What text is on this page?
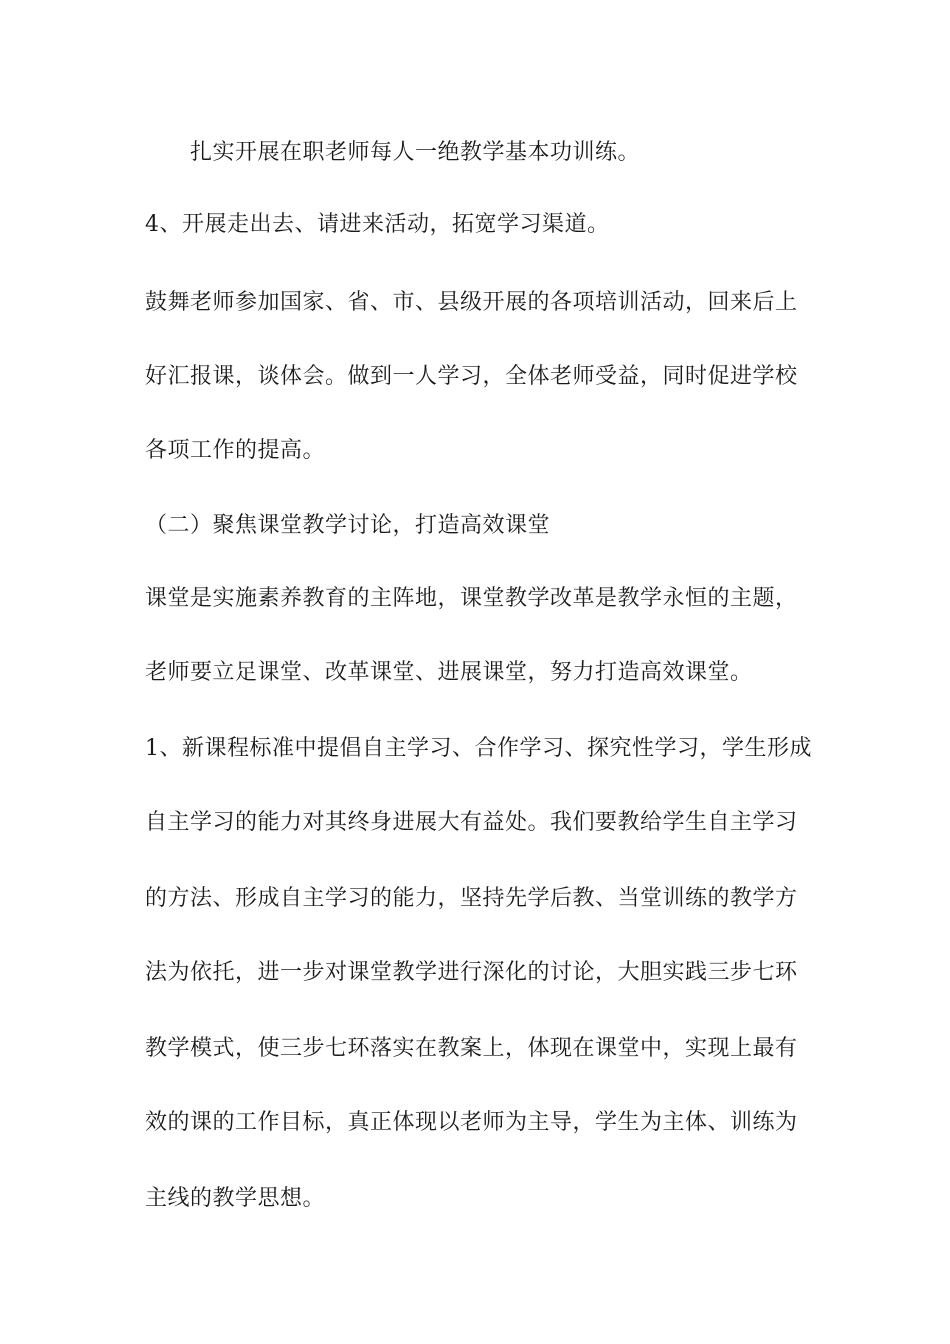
扎实开展在职老师每人一绝教学基本功训练。
4、开展走出去、请进来活动，拓宽学习渠道。
鼓舞老师参加国家、省、市、县级开展的各项培训活动，回来后上
好汇报课，谈体会。做到一人学习，全体老师受益，同时促进学校
各项工作的提高。
（二）聚焦课堂教学讨论，打造高效课堂
课堂是实施素养教育的主阵地，课堂教学改革是教学永恒的主题，
老师要立足课堂、改革课堂、进展课堂，努力打造高效课堂。
1、新课程标准中提倡自主学习、合作学习、探究性学习，学生形成
自主学习的能力对其终身进展大有益处。我们要教给学生自主学习
的方法、形成自主学习的能力，坚持先学后教、当堂训练的教学方
法为依托，进一步对课堂教学进行深化的讨论，大胆实践三步七环
教学模式，使三步七环落实在教案上，体现在课堂中，实现上最有
效的课的工作目标，真正体现以老师为主导，学生为主体、训练为
主线的教学思想。
